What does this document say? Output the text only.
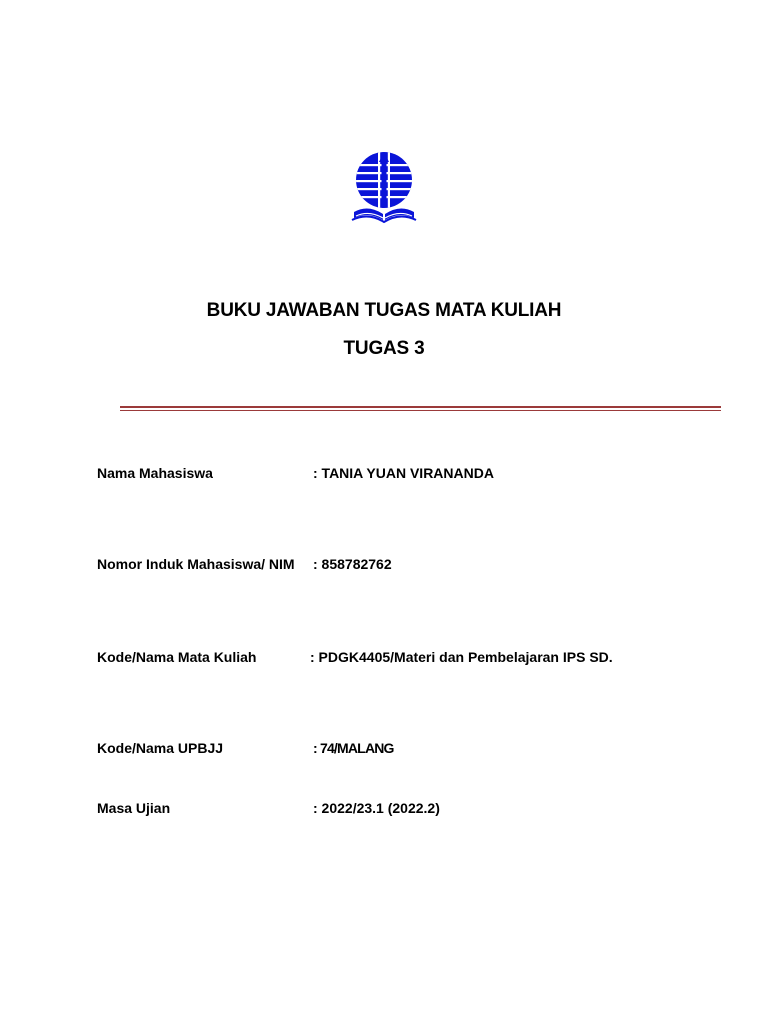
BUKU JAWABAN TUGAS MATA KULIAH
TUGAS 3
Nama Mahasiswa	: TANIA YUAN VIRANANDA
Nomor Induk Mahasiswa/ NIM : 858782762
Kode/Nama Mata Kuliah	: PDGK4405/Materi dan Pembelajaran IPS SD.
Kode/Nama UPBJJ	: 74/MALANG
Masa Ujian	: 2022/23.1 (2022.2)
